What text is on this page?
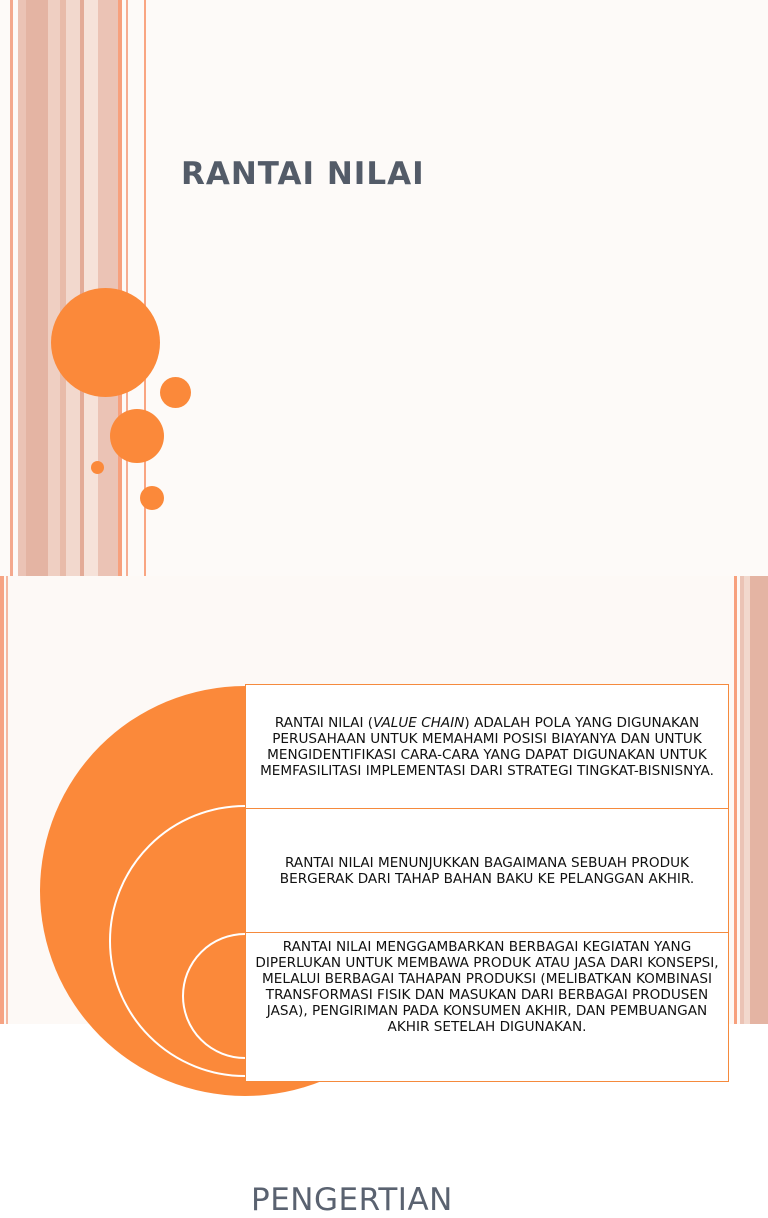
RANTAI NILAI
PENGERTIAN
RANTAI NILAI (VALUE CHAIN) ADALAH POLA YANG DIGUNAKAN PERUSAHAAN UNTUK MEMAHAMI POSISI BIAYANYA DAN UNTUK MENGIDENTIFIKASI CARA-CARA YANG DAPAT DIGUNAKAN UNTUK MEMFASILITASI IMPLEMENTASI DARI STRATEGI TINGKAT-BISNISNYA.
RANTAI NILAI MENUNJUKKAN BAGAIMANA SEBUAH PRODUK BERGERAK DARI TAHAP BAHAN BAKU KE PELANGGAN AKHIR.
RANTAI NILAI MENGGAMBARKAN BERBAGAI KEGIATAN YANG DIPERLUKAN UNTUK MEMBAWA PRODUK ATAU JASA DARI KONSEPSI, MELALUI BERBAGAI TAHAPAN PRODUKSI (MELIBATKAN KOMBINASI TRANSFORMASI FISIK DAN MASUKAN DARI BERBAGAI PRODUSEN JASA), PENGIRIMAN PADA KONSUMEN AKHIR, DAN PEMBUANGAN AKHIR SETELAH DIGUNAKAN.
